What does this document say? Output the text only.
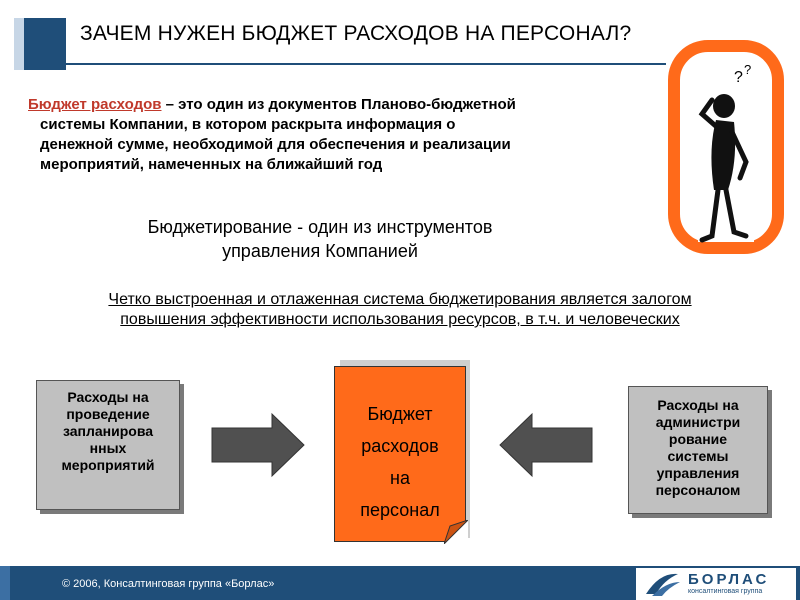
ЗАЧЕМ НУЖЕН БЮДЖЕТ РАСХОДОВ НА ПЕРСОНАЛ?
Бюджет расходов – это один из документов Планово-бюджетной
системы Компании, в котором раскрыта информация о
денежной сумме, необходимой для обеспечения и реализации
мероприятий, намеченных на ближайший год
Бюджетирование - один из инструментов
управления Компанией
Четко выстроенная и отлаженная система бюджетирования является залогом
повышения эффективности использования ресурсов, в т.ч. и человеческих
? ?
Расходы на
проведение
запланирова
нных
мероприятий
Бюджет
расходов
на
персонал
Расходы на
администри
рование
системы
управления
персоналом
© 2006, Консалтинговая группа «Борлас»	БОРЛАС
консалтинговая группа
